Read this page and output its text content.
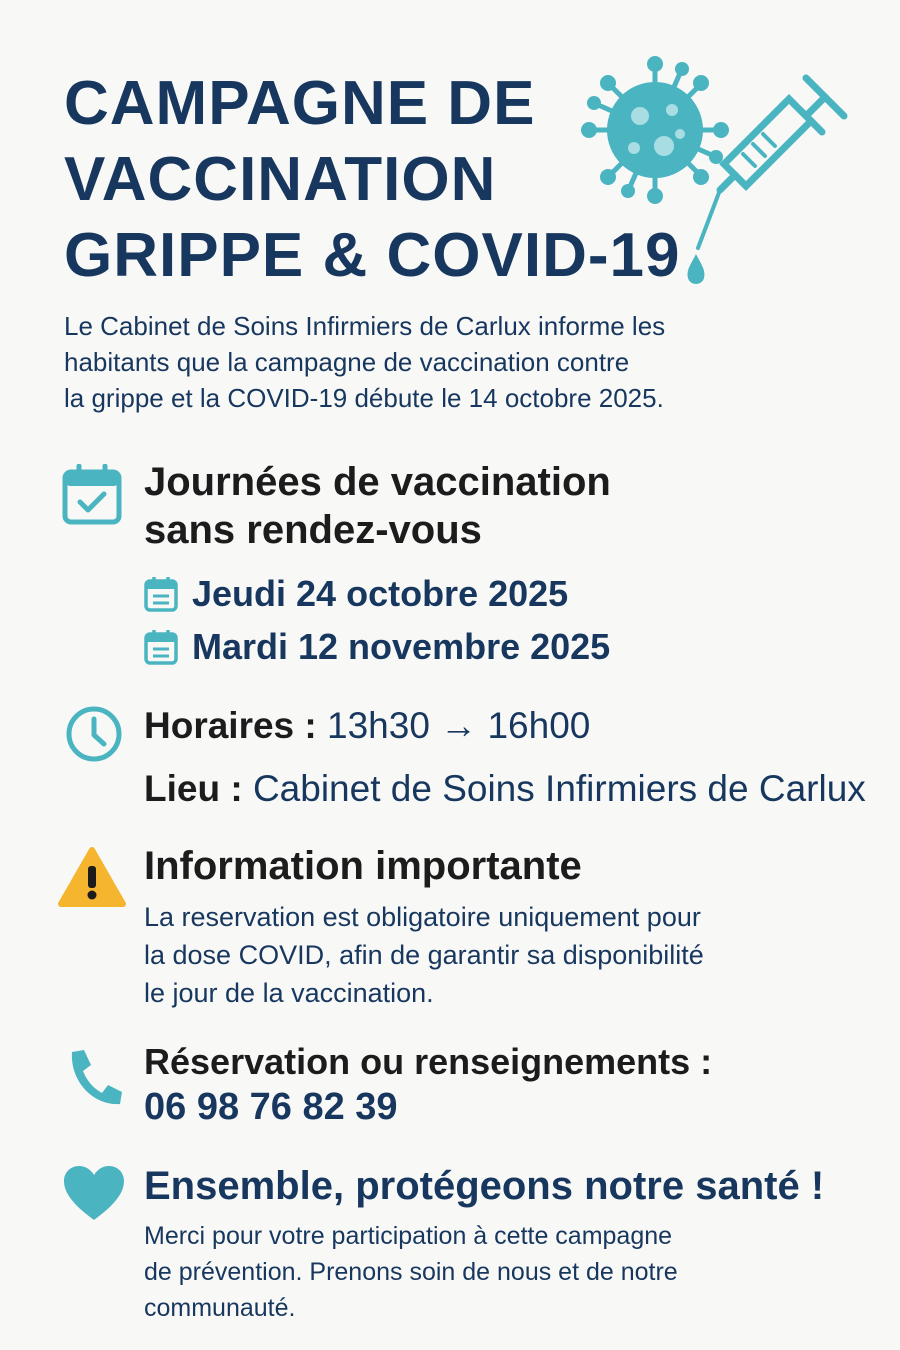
CAMPAGNE DE
VACCINATION
GRIPPE & COVID-19
Le Cabinet de Soins Infirmiers de Carlux informe les
habitants que la campagne de vaccination contre
la grippe et la COVID-19 débute le 14 octobre 2025.
Journées de vaccination
sans rendez-vous
Jeudi 24 octobre 2025
Mardi 12 novembre 2025
Horaires : 13h30 → 16h00
Lieu : Cabinet de Soins Infirmiers de Carlux
Information importante
La reservation est obligatoire uniquement pour
la dose COVID, afin de garantir sa disponibilité
le jour de la vaccination.
Réservation ou renseignements :
06 98 76 82 39
Ensemble, protégeons notre santé !
Merci pour votre participation à cette campagne
de prévention. Prenons soin de nous et de notre
communauté.
